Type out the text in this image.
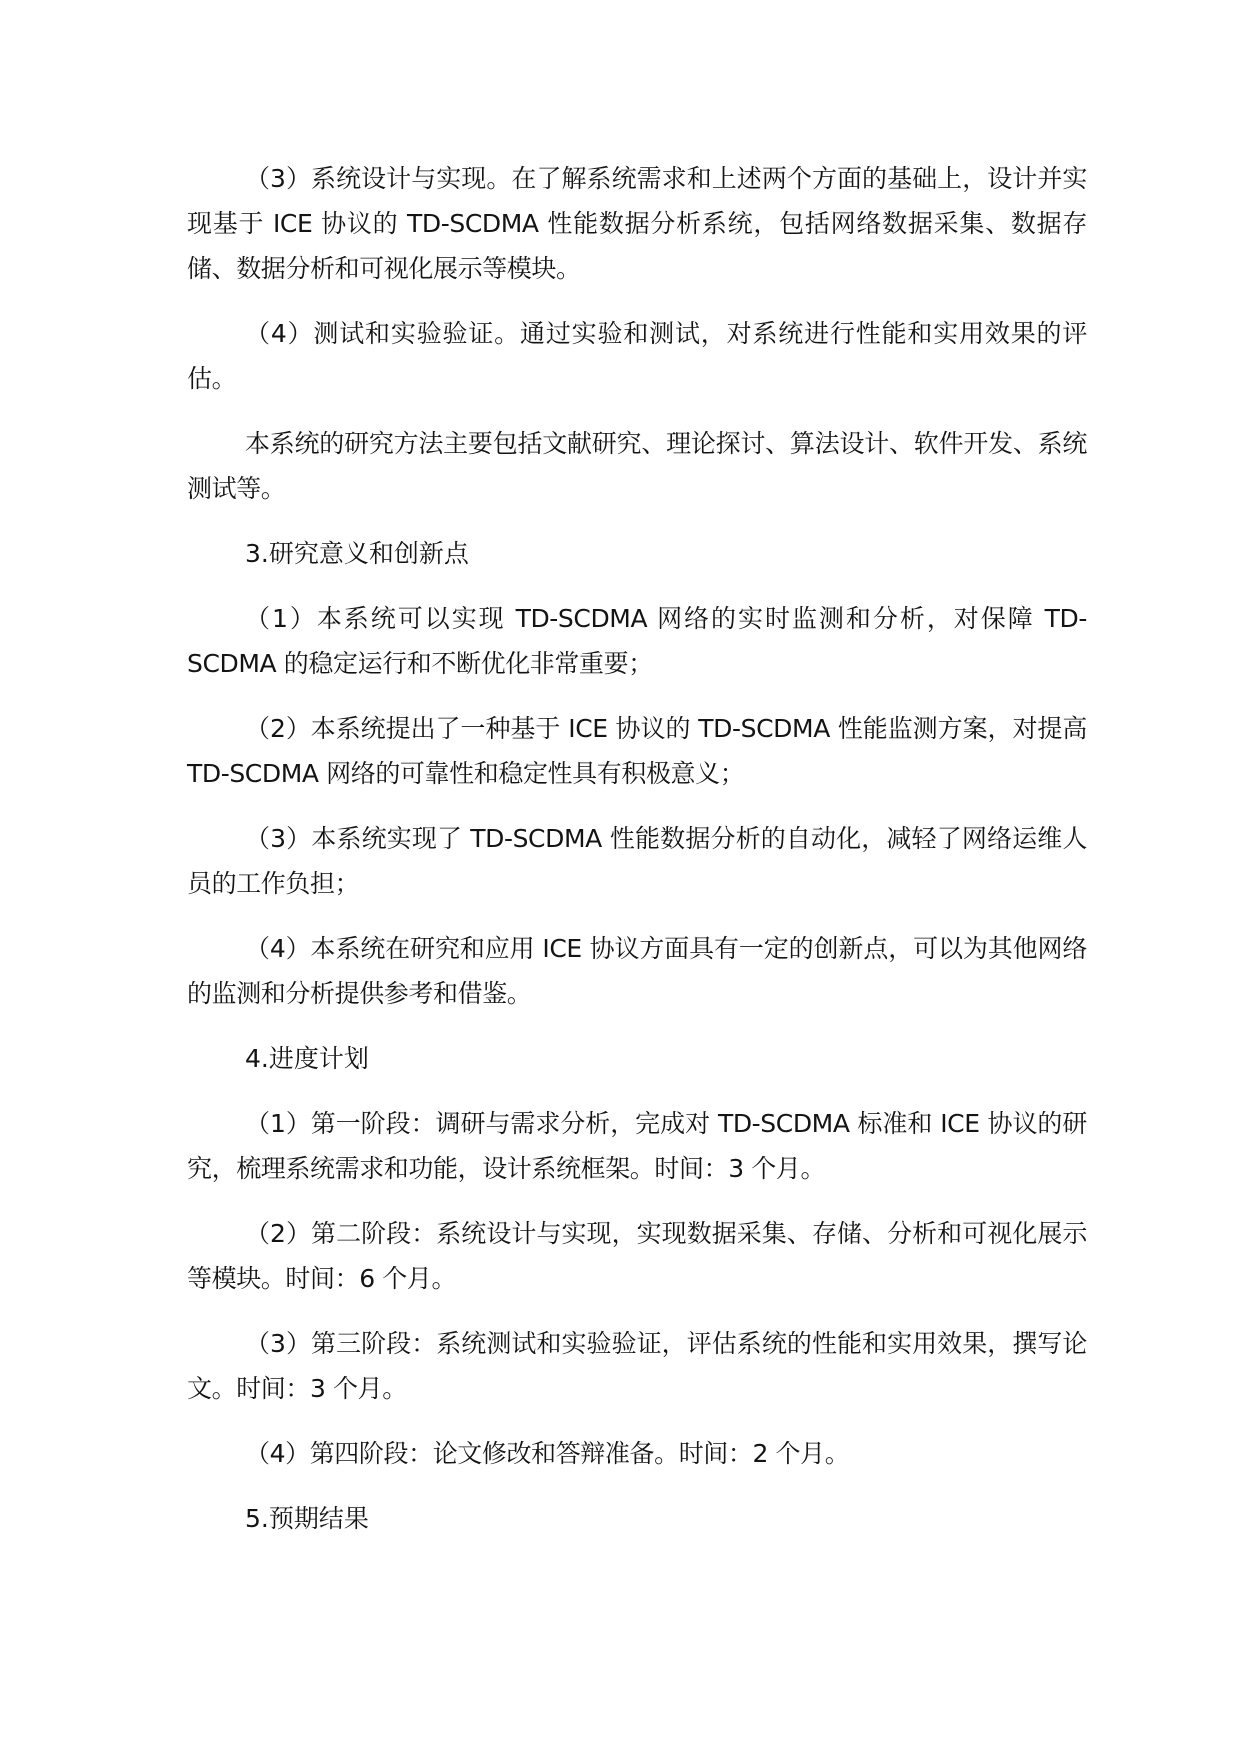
（3）系统设计与实现。在了解系统需求和上述两个方面的基础上，设计并实现基于 ICE 协议的 TD-SCDMA 性能数据分析系统，包括网络数据采集、数据存储、数据分析和可视化展示等模块。

（4）测试和实验验证。通过实验和测试，对系统进行性能和实用效果的评估。

本系统的研究方法主要包括文献研究、理论探讨、算法设计、软件开发、系统测试等。

3.研究意义和创新点

（1）本系统可以实现 TD-SCDMA 网络的实时监测和分析，对保障 TD-SCDMA 的稳定运行和不断优化非常重要；

（2）本系统提出了一种基于 ICE 协议的 TD-SCDMA 性能监测方案，对提高 TD-SCDMA 网络的可靠性和稳定性具有积极意义；

（3）本系统实现了 TD-SCDMA 性能数据分析的自动化，减轻了网络运维人员的工作负担；

（4）本系统在研究和应用 ICE 协议方面具有一定的创新点，可以为其他网络的监测和分析提供参考和借鉴。

4.进度计划

（1）第一阶段：调研与需求分析，完成对 TD-SCDMA 标准和 ICE 协议的研究，梳理系统需求和功能，设计系统框架。时间：3 个月。

（2）第二阶段：系统设计与实现，实现数据采集、存储、分析和可视化展示等模块。时间：6 个月。

（3）第三阶段：系统测试和实验验证，评估系统的性能和实用效果，撰写论文。时间：3 个月。

（4）第四阶段：论文修改和答辩准备。时间：2 个月。

5.预期结果
